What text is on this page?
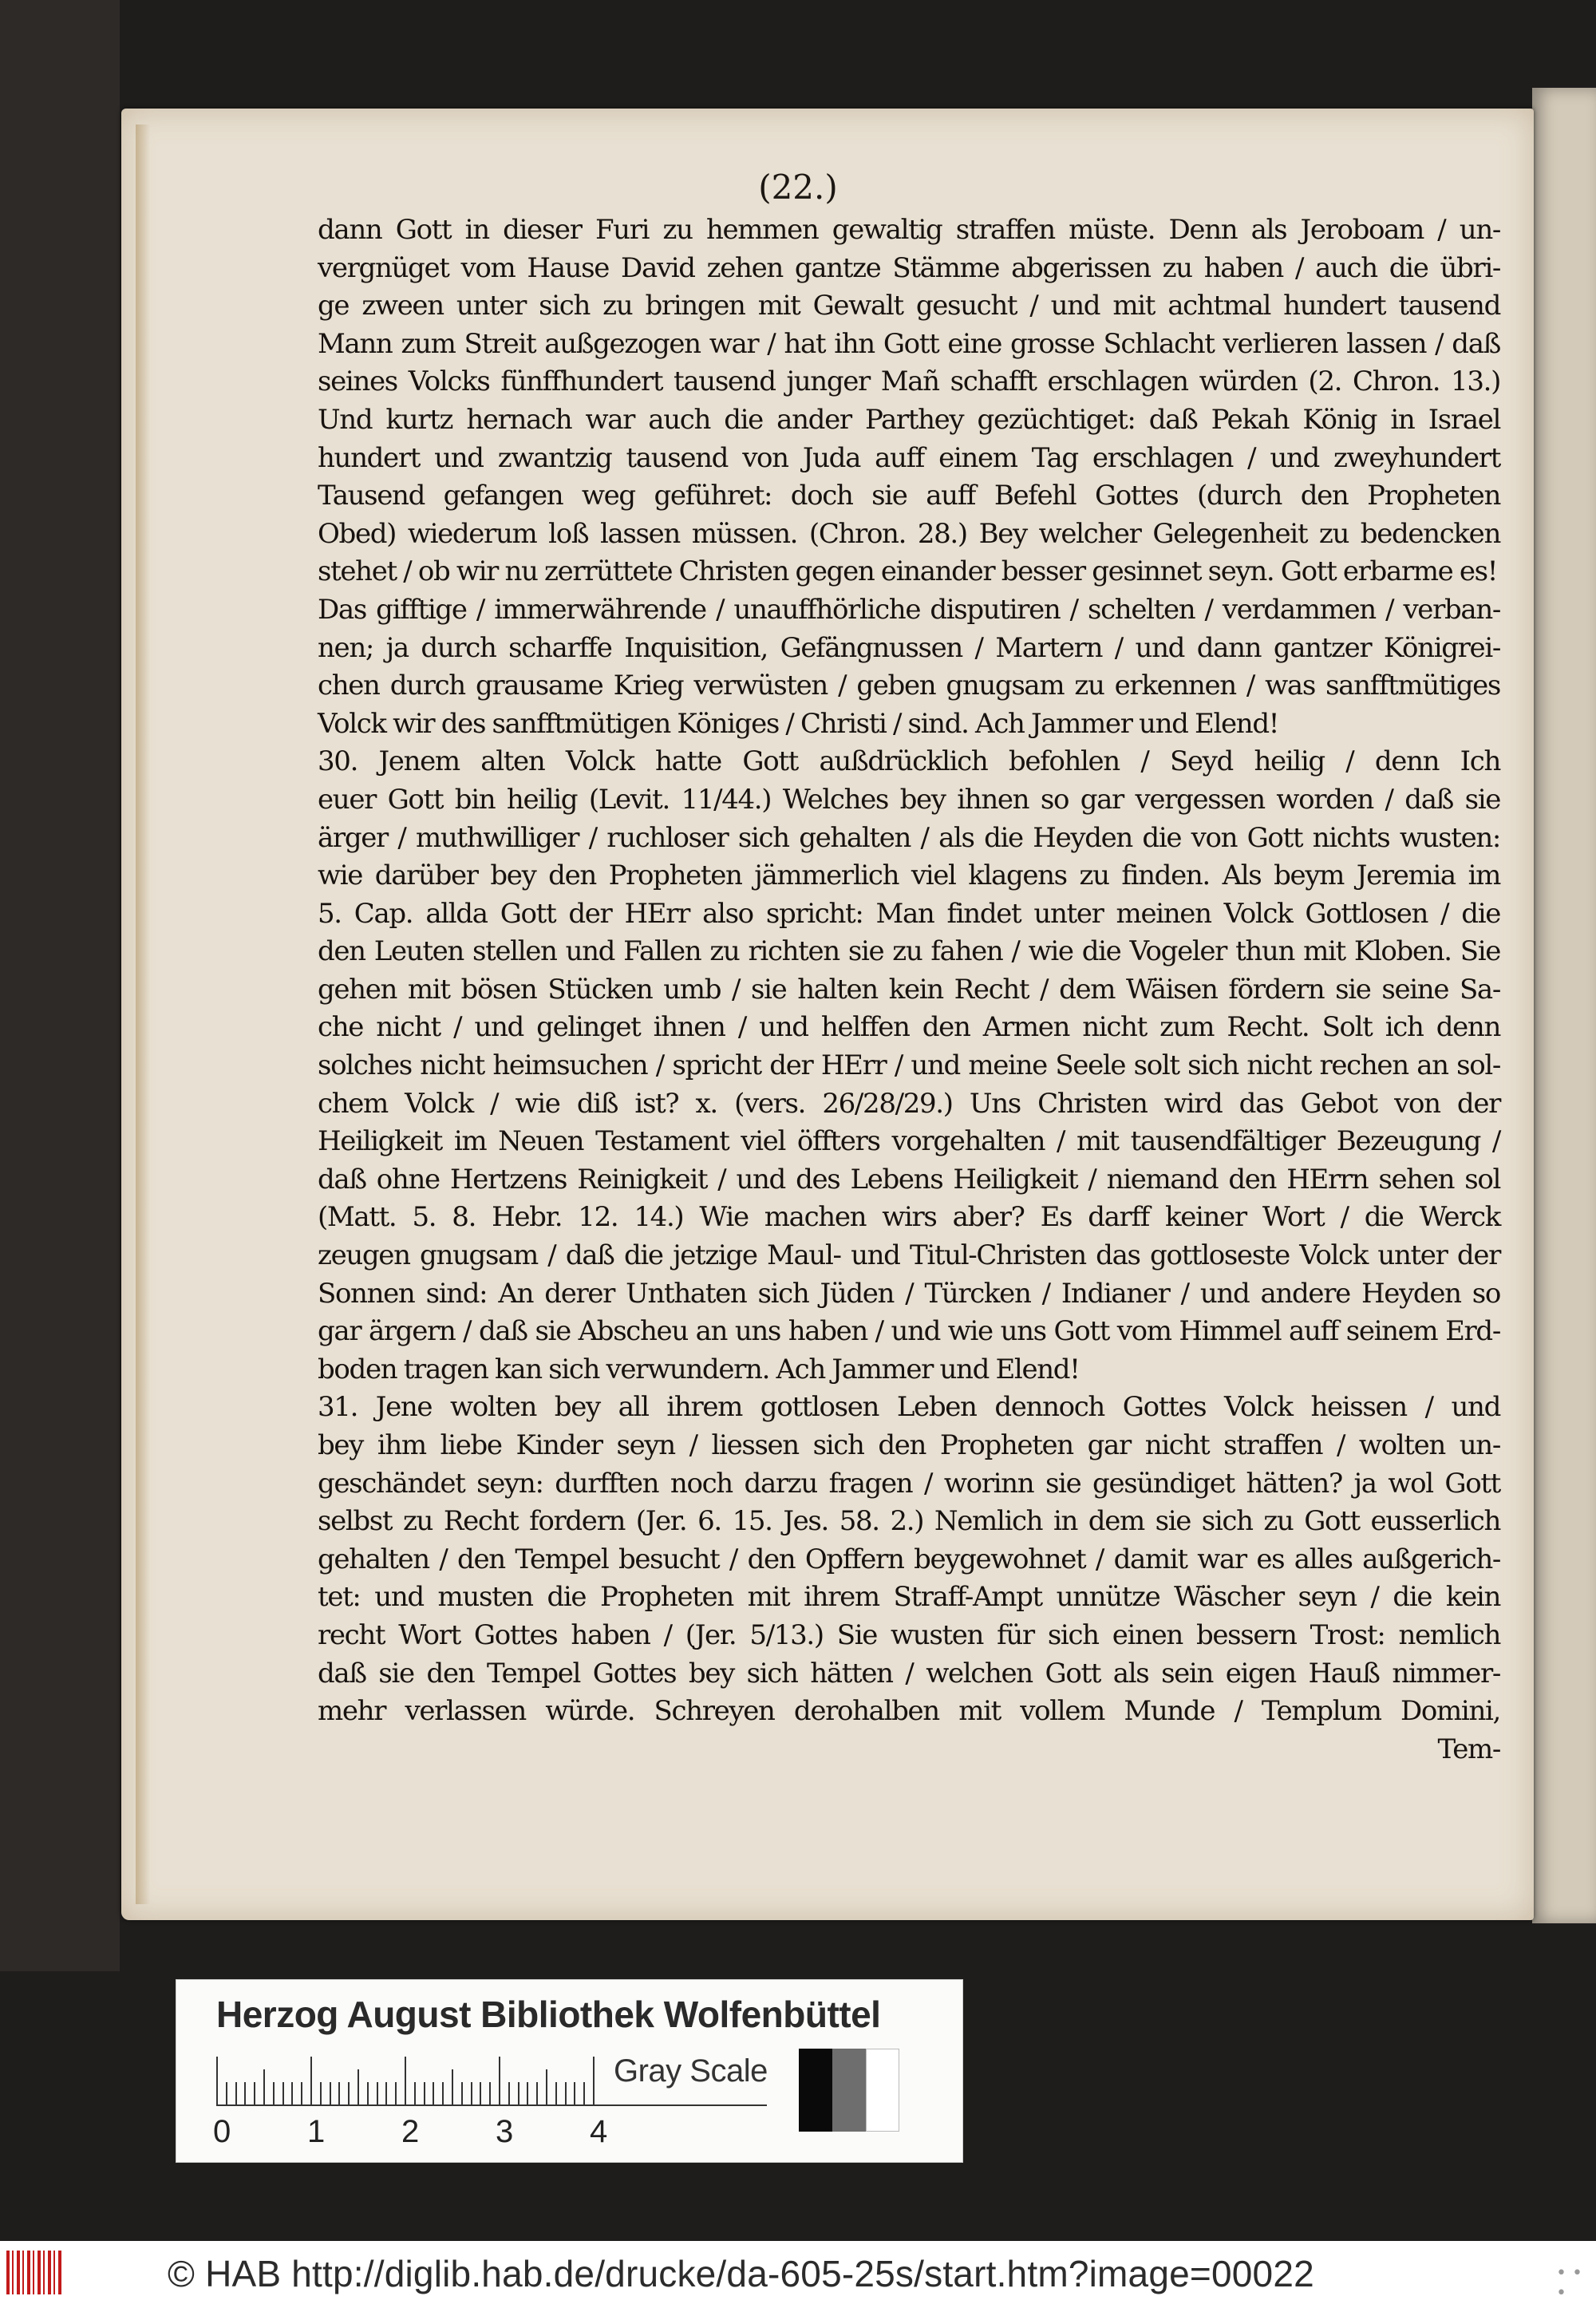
(22.)
dann Gott in dieser Furi zu hemmen gewaltig straffen müste. Denn als Jeroboam / un-
vergnüget vom Hause David zehen gantze Stämme abgerissen zu haben / auch die übri-
ge zween unter sich zu bringen mit Gewalt gesucht / und mit achtmal hundert tausend
Mann zum Streit außgezogen war / hat ihn Gott eine grosse Schlacht verlieren lassen / daß
seines Volcks fünffhundert tausend junger Mañ schafft erschlagen würden (2. Chron. 13.)
Und kurtz hernach war auch die ander Parthey gezüchtiget: daß Pekah König in Israel
hundert und zwantzig tausend von Juda auff einem Tag erschlagen / und zweyhundert
Tausend gefangen weg geführet: doch sie auff Befehl Gottes (durch den Propheten
Obed) wiederum loß lassen müssen. (Chron. 28.) Bey welcher Gelegenheit zu bedencken
stehet / ob wir nu zerrüttete Christen gegen einander besser gesinnet seyn. Gott erbarme es!
Das gifftige / immerwährende / unauffhörliche disputiren / schelten / verdammen / verban-
nen; ja durch scharffe Inquisition, Gefängnussen / Martern / und dann gantzer Königrei-
chen durch grausame Krieg verwüsten / geben gnugsam zu erkennen / was sanfftmütiges
Volck wir des sanfftmütigen Königes / Christi / sind. Ach Jammer und Elend!
30. Jenem alten Volck hatte Gott außdrücklich befohlen / Seyd heilig / denn Ich
euer Gott bin heilig (Levit. 11/44.) Welches bey ihnen so gar vergessen worden / daß sie
ärger / muthwilliger / ruchloser sich gehalten / als die Heyden die von Gott nichts wusten:
wie darüber bey den Propheten jämmerlich viel klagens zu finden. Als beym Jeremia im
5. Cap. allda Gott der HErr also spricht: Man findet unter meinen Volck Gottlosen / die
den Leuten stellen und Fallen zu richten sie zu fahen / wie die Vogeler thun mit Kloben. Sie
gehen mit bösen Stücken umb / sie halten kein Recht / dem Wäisen fördern sie seine Sa-
che nicht / und gelinget ihnen / und helffen den Armen nicht zum Recht. Solt ich denn
solches nicht heimsuchen / spricht der HErr / und meine Seele solt sich nicht rechen an sol-
chem Volck / wie diß ist? x. (vers. 26/28/29.) Uns Christen wird das Gebot von der
Heiligkeit im Neuen Testament viel öffters vorgehalten / mit tausendfältiger Bezeugung /
daß ohne Hertzens Reinigkeit / und des Lebens Heiligkeit / niemand den HErrn sehen sol
(Matt. 5. 8. Hebr. 12. 14.) Wie machen wirs aber? Es darff keiner Wort / die Werck
zeugen gnugsam / daß die jetzige Maul- und Titul-Christen das gottloseste Volck unter der
Sonnen sind: An derer Unthaten sich Jüden / Türcken / Indianer / und andere Heyden so
gar ärgern / daß sie Abscheu an uns haben / und wie uns Gott vom Himmel auff seinem Erd-
boden tragen kan sich verwundern. Ach Jammer und Elend!
31. Jene wolten bey all ihrem gottlosen Leben dennoch Gottes Volck heissen / und
bey ihm liebe Kinder seyn / liessen sich den Propheten gar nicht straffen / wolten un-
geschändet seyn: durfften noch darzu fragen / worinn sie gesündiget hätten? ja wol Gott
selbst zu Recht fordern (Jer. 6. 15. Jes. 58. 2.) Nemlich in dem sie sich zu Gott eusserlich
gehalten / den Tempel besucht / den Opffern beygewohnet / damit war es alles außgerich-
tet: und musten die Propheten mit ihrem Straff-Ampt unnütze Wäscher seyn / die kein
recht Wort Gottes haben / (Jer. 5/13.) Sie wusten für sich einen bessern Trost: nemlich
daß sie den Tempel Gottes bey sich hätten / welchen Gott als sein eigen Hauß nimmer-
mehr verlassen würde. Schreyen derohalben mit vollem Munde / Templum Domini,
Tem-
Herzog August Bibliothek Wolfenbüttel
0 1 2 3 4
Gray Scale
© HAB http://diglib.hab.de/drucke/da-605-25s/start.htm?image=00022	• • •
